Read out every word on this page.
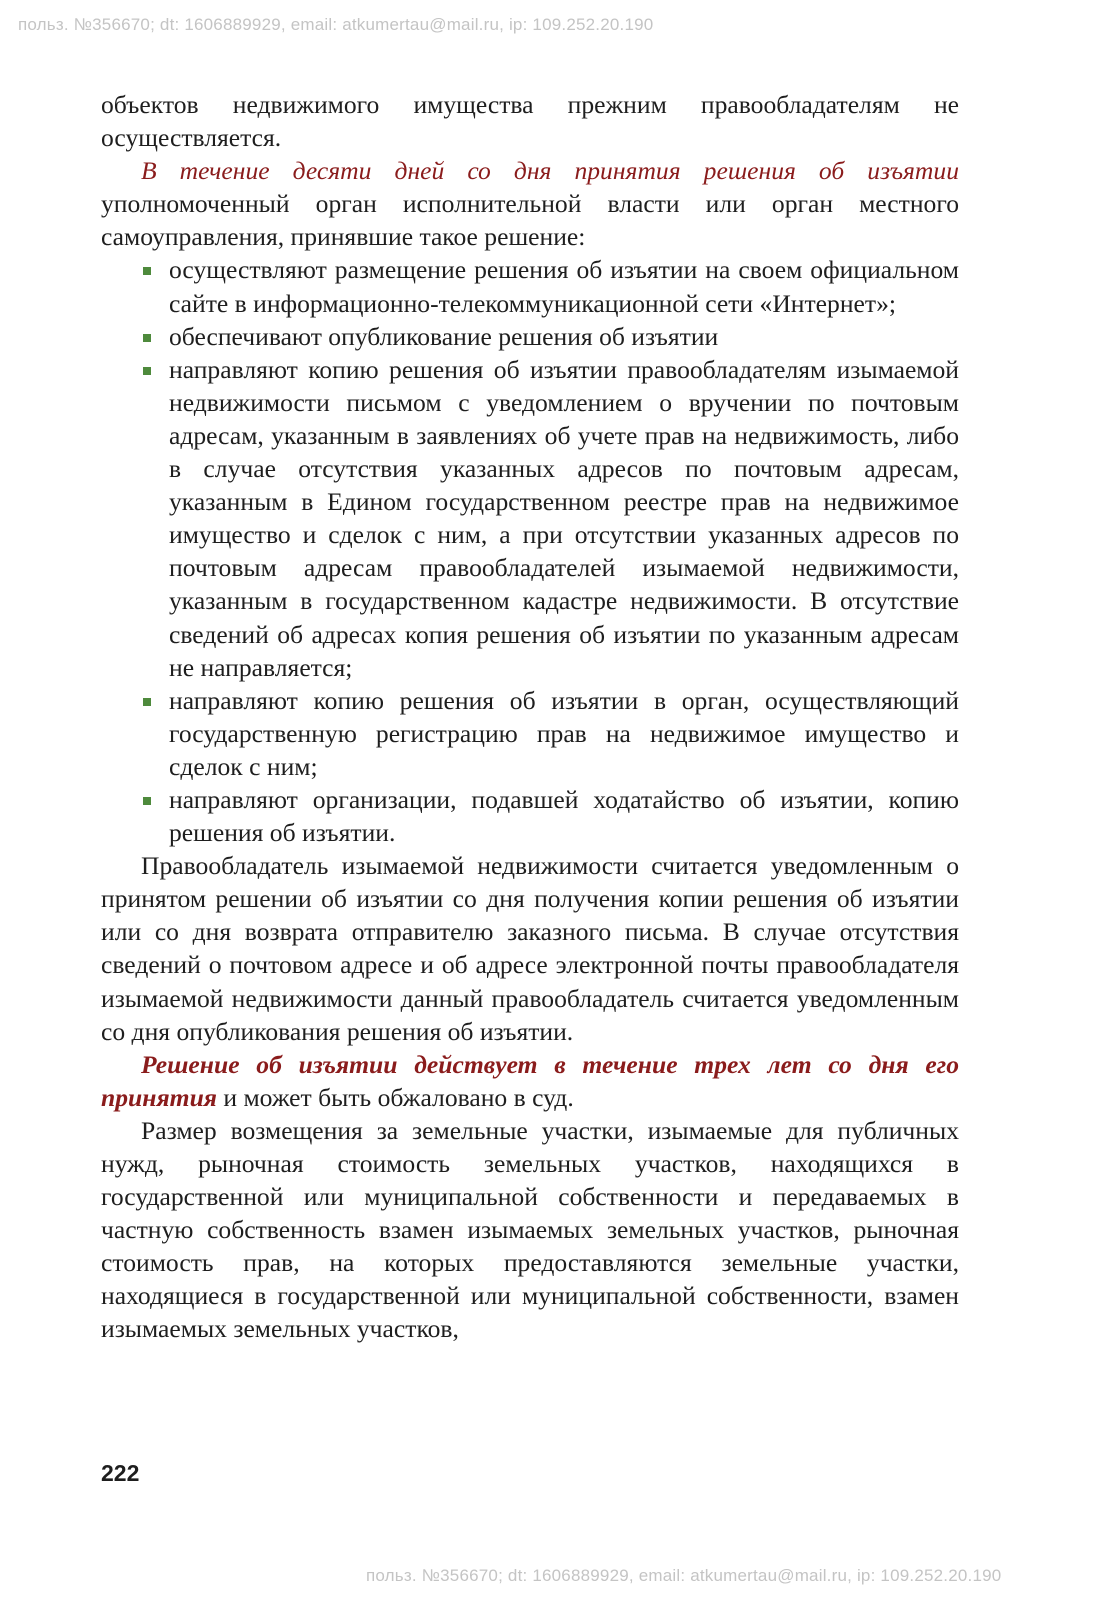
польз. №356670; dt: 1606889929, email: atkumertau@mail.ru, ip: 109.252.20.190

объектов недвижимого имущества прежним правообладателям не осуществляется.

В течение десяти дней со дня принятия решения об изъятии уполномоченный орган исполнительной власти или орган местного самоуправления, принявшие такое решение:

осуществляют размещение решения об изъятии на своем официальном сайте в информационно-телекоммуникационной сети «Интернет»;
обеспечивают опубликование решения об изъятии
направляют копию решения об изъятии правообладателям изымаемой недвижимости письмом с уведомлением о вручении по почтовым адресам, указанным в заявлениях об учете прав на недвижимость, либо в случае отсутствия указанных адресов по почтовым адресам, указанным в Едином государственном реестре прав на недвижимое имущество и сделок с ним, а при отсутствии указанных адресов по почтовым адресам правообладателей изымаемой недвижимости, указанным в государственном кадастре недвижимости. В отсутствие сведений об адресах копия решения об изъятии по указанным адресам не направляется;
направляют копию решения об изъятии в орган, осуществляющий государственную регистрацию прав на недвижимое имущество и сделок с ним;
направляют организации, подавшей ходатайство об изъятии, копию решения об изъятии.

Правообладатель изымаемой недвижимости считается уведомленным о принятом решении об изъятии со дня получения копии решения об изъятии или со дня возврата отправителю заказного письма. В случае отсутствия сведений о почтовом адресе и об адресе электронной почты правообладателя изымаемой недвижимости данный правообладатель считается уведомленным со дня опубликования решения об изъятии.

Решение об изъятии действует в течение трех лет со дня его принятия и может быть обжаловано в суд.

Размер возмещения за земельные участки, изымаемые для публичных нужд, рыночная стоимость земельных участков, находящихся в государственной или муниципальной собственности и передаваемых в частную собственность взамен изымаемых земельных участков, рыночная стоимость прав, на которых предоставляются земельные участки, находящиеся в государственной или муниципальной собственности, взамен изымаемых земельных участков,

222
польз. №356670; dt: 1606889929, email: atkumertau@mail.ru, ip: 109.252.20.190
